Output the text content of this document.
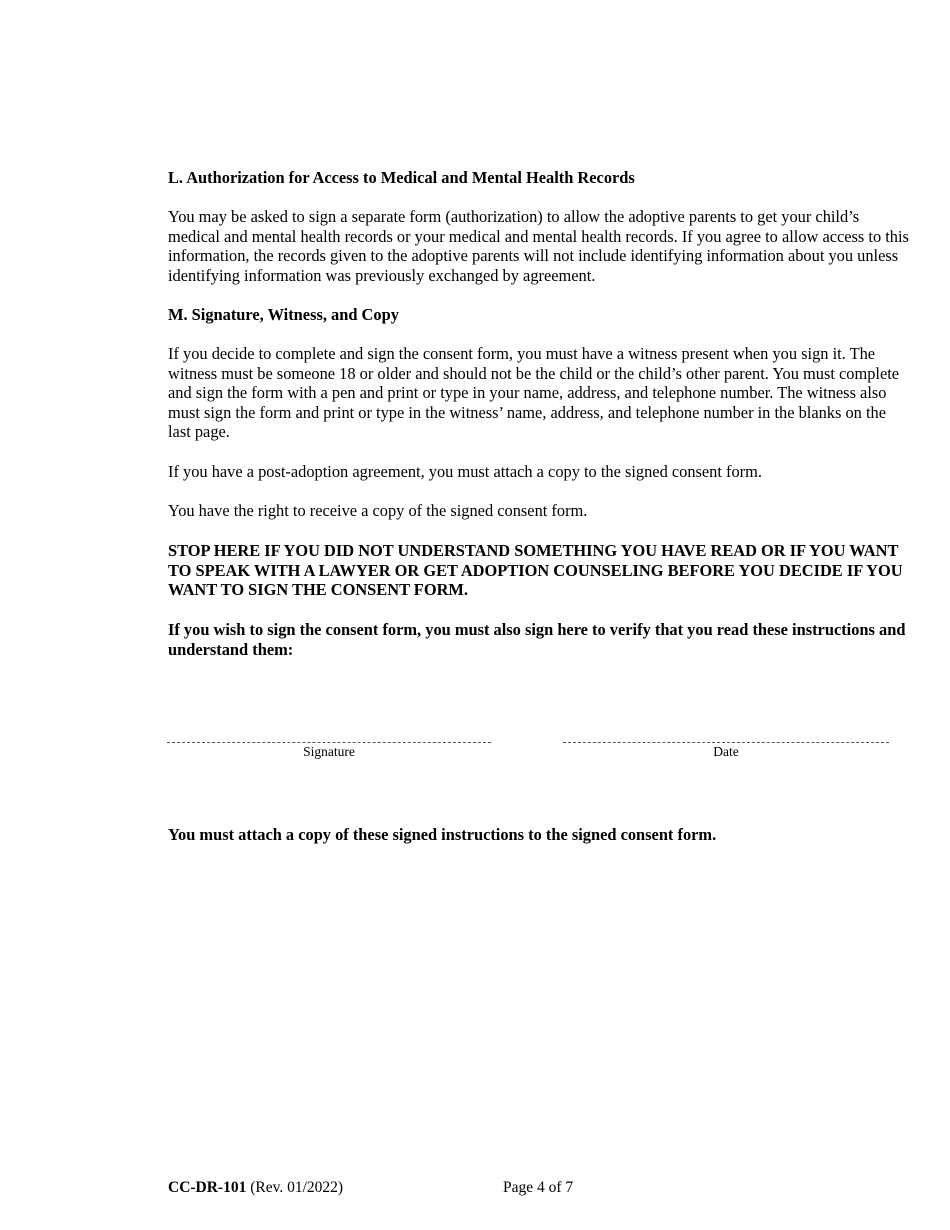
L. Authorization for Access to Medical and Mental Health Records

You may be asked to sign a separate form (authorization) to allow the adoptive parents to get your child’s medical and mental health records or your medical and mental health records. If you agree to allow access to this information, the records given to the adoptive parents will not include identifying information about you unless identifying information was previously exchanged by agreement.

M. Signature, Witness, and Copy

If you decide to complete and sign the consent form, you must have a witness present when you sign it. The witness must be someone 18 or older and should not be the child or the child’s other parent. You must complete and sign the form with a pen and print or type in your name, address, and telephone number. The witness also must sign the form and print or type in the witness’ name, address, and telephone number in the blanks on the last page.

If you have a post-adoption agreement, you must attach a copy to the signed consent form.

You have the right to receive a copy of the signed consent form.

STOP HERE IF YOU DID NOT UNDERSTAND SOMETHING YOU HAVE READ OR IF YOU WANT TO SPEAK WITH A LAWYER OR GET ADOPTION COUNSELING BEFORE YOU DECIDE IF YOU WANT TO SIGN THE CONSENT FORM.

If you wish to sign the consent form, you must also sign here to verify that you read these instructions and understand them:

Signature	Date

You must attach a copy of these signed instructions to the signed consent form.

CC-DR-101 (Rev. 01/2022)	Page 4 of 7
